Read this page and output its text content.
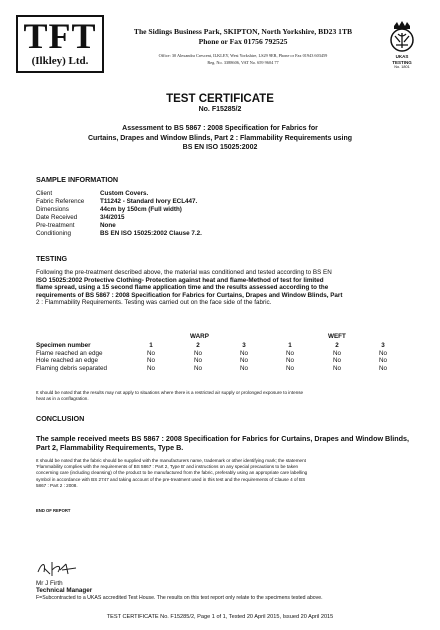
TFT
(Ilkley) Ltd.
The Sidings Business Park, SKIPTON, North Yorkshire, BD23 1TB
Phone or Fax 01756 792525
Office: 30 Alexandra Crescent, ILKLEY, West Yorkshire, LS29 9ER, Phone or Fax 01943 603459
Reg. No. 3388606, VAT No. 659 9604 77
UKAS
TESTING
No. 1801
TEST CERTIFICATE
No. F15285/2
Assessment to BS 5867 : 2008 Specification for Fabrics for
Curtains, Drapes and Window Blinds, Part 2 : Flammability Requirements using
BS EN ISO 15025:2002
SAMPLE INFORMATION
Client	Custom Covers.
Fabric Reference	T11242 - Standard Ivory ECL447.
Dimensions	44cm by 150cm (Full width)
Date Received	3/4/2015
Pre-treatment	None
Conditioning	BS EN ISO 15025:2002 Clause 7.2.
TESTING
Following the pre-treatment described above, the material was conditioned and tested according to BS EN
ISO 15025:2002 Protective Clothing- Protection against heat and flame-Method of test for limited
flame spread, using a 15 second flame application time and the results assessed according to the
requirements of BS 5867 : 2008 Specification for Fabrics for Curtains, Drapes and Window Blinds, Part
2 : Flammability Requirements. Testing was carried out on the face side of the fabric.
WARP	WEFT
Specimen number	1	2	3	1	2	3
Flame reached an edge	No	No	No	No	No	No
Hole reached an edge	No	No	No	No	No	No
Flaming debris separated	No	No	No	No	No	No
It should be noted that the results may not apply to situations where there is a restricted air supply or prolonged exposure to intense
heat as in a conflagration.
CONCLUSION
The sample received meets BS 5867 : 2008 Specification for Fabrics for Curtains, Drapes and Window Blinds, Part 2, Flammability Requirements, Type B.
It should be noted that the fabric should be supplied with the manufacturers name, trademark or other identifying mark; the statement
'Flammability complies with the requirements of BS 5867 : Part 2, Type B' and instructions on any special precautions to be taken
concerning care (including cleansing) of the product to be manufactured from the fabric, preferably using an appropriate care labelling
symbol in accordance with BS 2747 and taking account of the pre-treatment used in this test and the requirements of Clause 4 of BS
5867 : Part 2 : 2008.
END OF REPORT
Mr J Firth
Technical Manager
F=Subcontracted to a UKAS accredited Test House. The results on this test report only relate to the specimens tested above.
TEST CERTIFICATE No. F15285/2, Page 1 of 1, Tested 20 April 2015, Issued 20 April 2015
